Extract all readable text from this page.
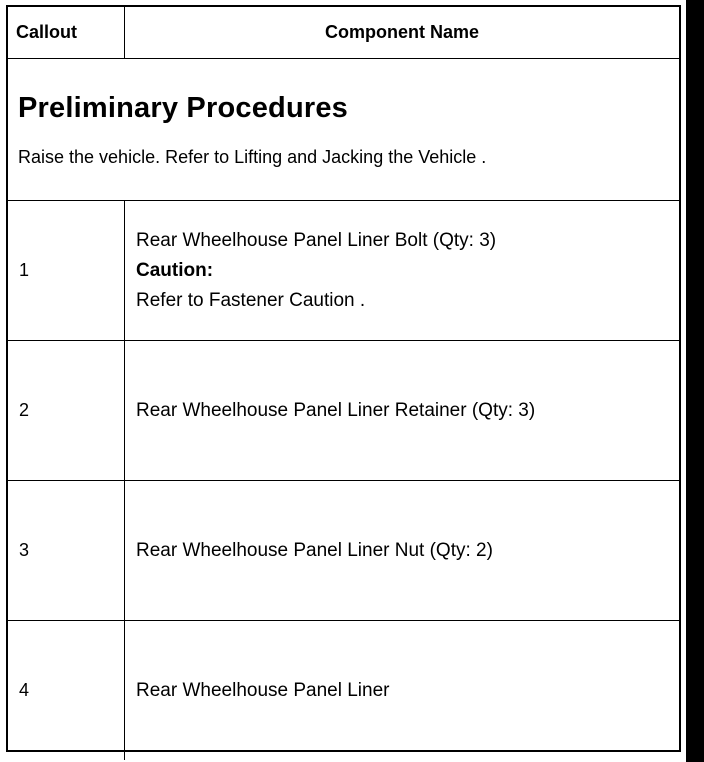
Callout	Component Name

Preliminary Procedures
Raise the vehicle. Refer to Lifting and Jacking the Vehicle .	

1	Rear Wheelhouse Panel Liner Bolt (Qty: 3)
Caution:
Refer to Fastener Caution .

2	Rear Wheelhouse Panel Liner Retainer (Qty: 3)
3	Rear Wheelhouse Panel Liner Nut (Qty: 2)
4	Rear Wheelhouse Panel Liner
